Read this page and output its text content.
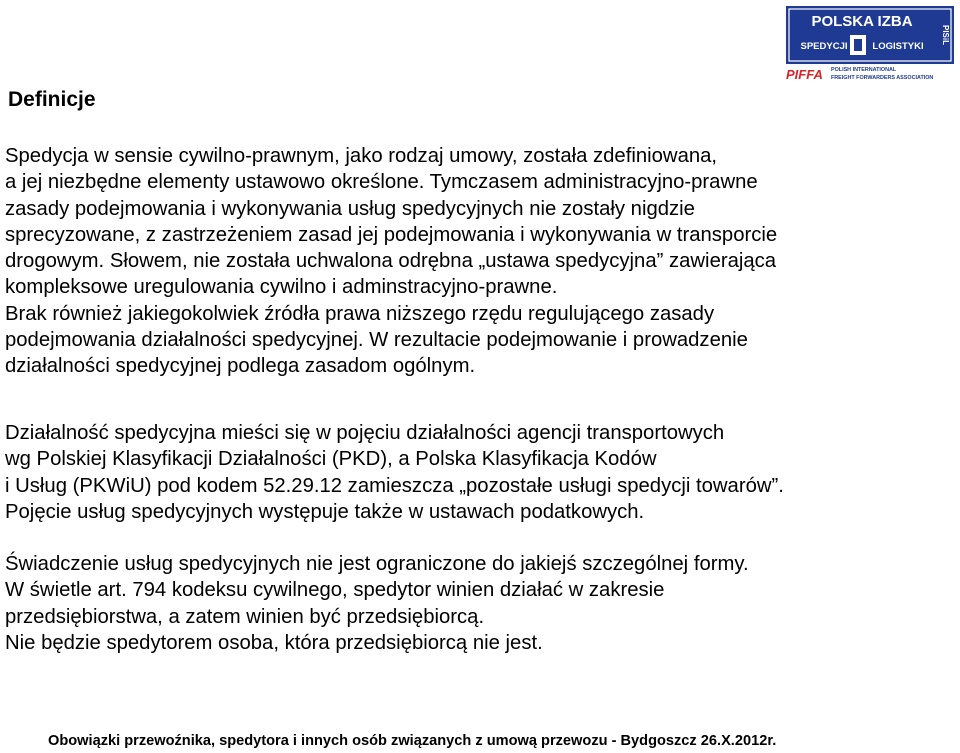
POLSKA IZBA
SPEDYCJI	LOGISTYKI
PISiL
PIFFA POLISH INTERNATIONAL
FREIGHT FORWARDERS ASSOCIATION
Definicje

Spedycja w sensie cywilno-prawnym, jako rodzaj umowy, została zdefiniowana,
a jej niezbędne elementy ustawowo określone. Tymczasem administracyjno-prawne
zasady podejmowania i wykonywania usług spedycyjnych nie zostały nigdzie
sprecyzowane, z zastrzeżeniem zasad jej podejmowania i wykonywania w transporcie
drogowym. Słowem, nie została uchwalona odrębna „ustawa spedycyjna” zawierająca
kompleksowe uregulowania cywilno i adminstracyjno-prawne.
Brak również jakiegokolwiek źródła prawa niższego rzędu regulującego zasady
podejmowania działalności spedycyjnej. W rezultacie podejmowanie i prowadzenie
działalności spedycyjnej podlega zasadom ogólnym.

Działalność spedycyjna mieści się w pojęciu działalności agencji transportowych
wg Polskiej Klasyfikacji Działalności (PKD), a Polska Klasyfikacja Kodów
i Usług (PKWiU) pod kodem 52.29.12 zamieszcza „pozostałe usługi spedycji towarów”.
Pojęcie usług spedycyjnych występuje także w ustawach podatkowych.

Świadczenie usług spedycyjnych nie jest ograniczone do jakiejś szczególnej formy.
W świetle art. 794 kodeksu cywilnego, spedytor winien działać w zakresie
przedsiębiorstwa, a zatem winien być przedsiębiorcą.
Nie będzie spedytorem osoba, która przedsiębiorcą nie jest.

Obowiązki przewoźnika, spedytora i innych osób związanych z umową przewozu - Bydgoszcz 26.X.2012r.
